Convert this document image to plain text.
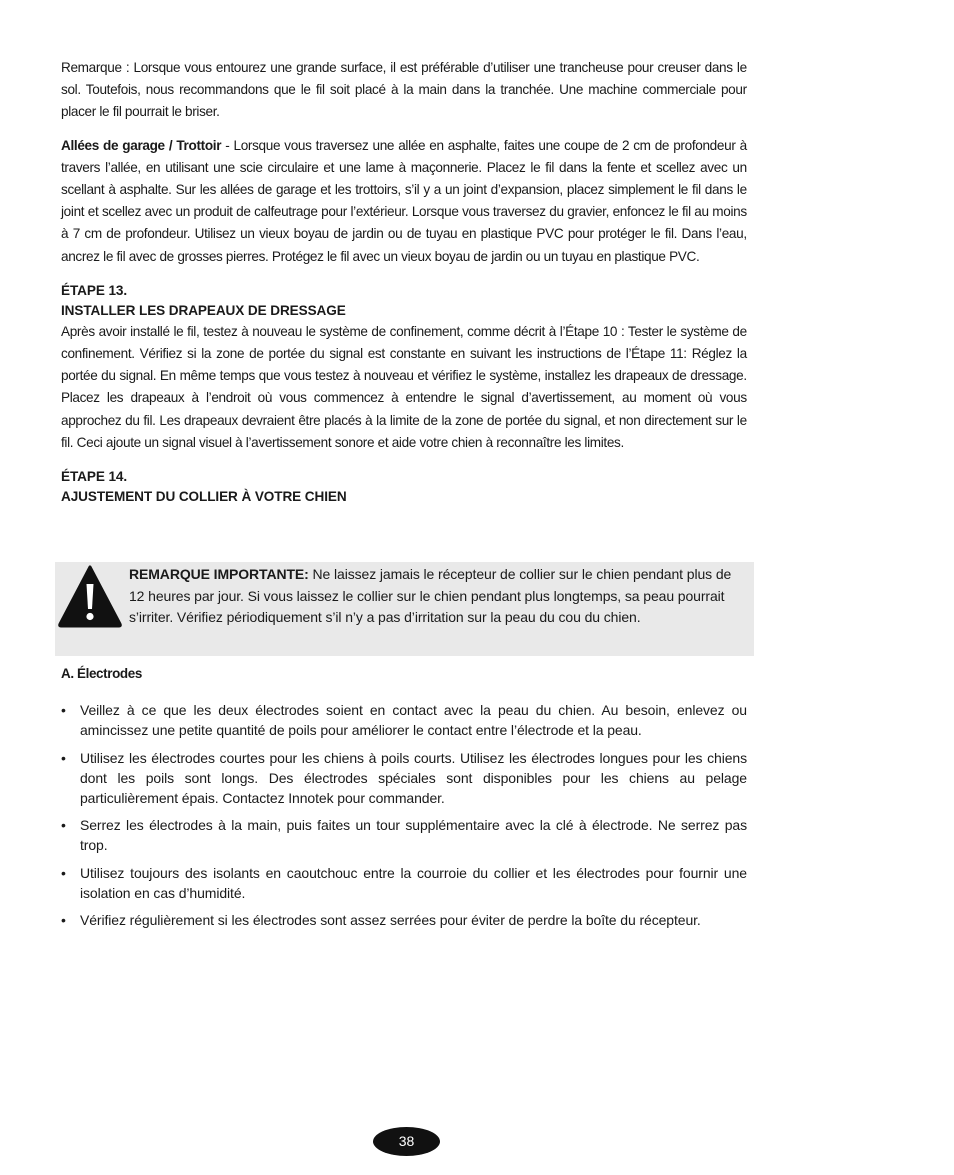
Remarque : Lorsque vous entourez une grande surface, il est préférable d’utiliser une trancheuse pour creuser dans le sol. Toutefois, nous recommandons que le fil soit placé à la main dans la tranchée. Une machine commerciale pour placer le fil pourrait le briser.

Allées de garage / Trottoir - Lorsque vous traversez une allée en asphalte, faites une coupe de 2 cm de profondeur à travers l’allée, en utilisant une scie circulaire et une lame à maçonnerie. Placez le fil dans la fente et scellez avec un scellant à asphalte. Sur les allées de garage et les trottoirs, s’il y a un joint d’expansion, placez simplement le fil dans le joint et scellez avec un produit de calfeutrage pour l’extérieur. Lorsque vous traversez du gravier, enfoncez le fil au moins à 7 cm de profondeur. Utilisez un vieux boyau de jardin ou de tuyau en plastique PVC pour protéger le fil. Dans l’eau, ancrez le fil avec de grosses pierres. Protégez le fil avec un vieux boyau de jardin ou un tuyau en plastique PVC.

ÉTAPE 13.

INSTALLER LES DRAPEAUX DE DRESSAGE

Après avoir installé le fil, testez à nouveau le système de confinement, comme décrit à l’Étape 10 : Tester le système de confinement. Vérifiez si la zone de portée du signal est constante en suivant les instructions de l’Étape 11: Réglez la portée du signal. En même temps que vous testez à nouveau et vérifiez le système, installez les drapeaux de dressage. Placez les drapeaux à l’endroit où vous commencez à entendre le signal d’avertissement, au moment où vous approchez du fil. Les drapeaux devraient être placés à la limite de la zone de portée du signal, et non directement sur le fil. Ceci ajoute un signal visuel à l’avertissement sonore et aide votre chien à reconnaître les limites.

ÉTAPE 14.

AJUSTEMENT DU COLLIER À VOTRE CHIEN

REMARQUE IMPORTANTE: Ne laissez jamais le récepteur de collier sur le chien pendant plus de 12 heures par jour. Si vous laissez le collier sur le chien pendant plus longtemps, sa peau pourrait s’irriter. Vérifiez périodiquement s’il n’y a pas d’irritation sur la peau du cou du chien.

A. Électrodes

• Veillez à ce que les deux électrodes soient en contact avec la peau du chien. Au besoin, enlevez ou amincissez une petite quantité de poils pour améliorer le contact entre l’électrode et la peau.
• Utilisez les électrodes courtes pour les chiens à poils courts. Utilisez les électrodes longues pour les chiens dont les poils sont longs. Des électrodes spéciales sont disponibles pour les chiens au pelage particulièrement épais. Contactez Innotek pour commander.
• Serrez les électrodes à la main, puis faites un tour supplémentaire avec la clé à électrode. Ne serrez pas trop.
• Utilisez toujours des isolants en caoutchouc entre la courroie du collier et les électrodes pour fournir une isolation en cas d’humidité.
• Vérifiez régulièrement si les électrodes sont assez serrées pour éviter de perdre la boîte du récepteur.
38
